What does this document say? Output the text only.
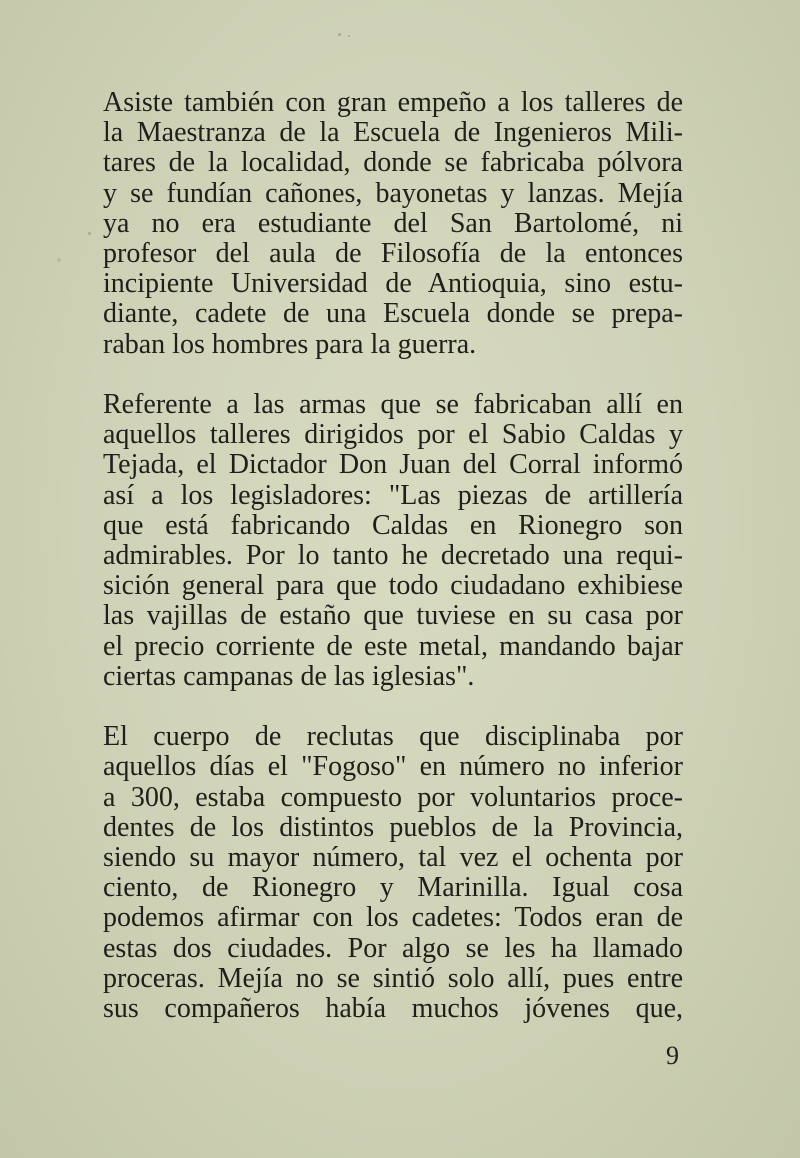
Asiste también con gran empeño a los talleres de
la Maestranza de la Escuela de Ingenieros Mili-
tares de la localidad, donde se fabricaba pólvora
y se fundían cañones, bayonetas y lanzas. Mejía
ya no era estudiante del San Bartolomé, ni
profesor del aula de Filosofía de la entonces
incipiente Universidad de Antioquia, sino estu-
diante, cadete de una Escuela donde se prepa-
raban los hombres para la guerra.
Referente a las armas que se fabricaban allí en
aquellos talleres dirigidos por el Sabio Caldas y
Tejada, el Dictador Don Juan del Corral informó
así a los legisladores: "Las piezas de artillería
que está fabricando Caldas en Rionegro son
admirables. Por lo tanto he decretado una requi-
sición general para que todo ciudadano exhibiese
las vajillas de estaño que tuviese en su casa por
el precio corriente de este metal, mandando bajar
ciertas campanas de las iglesias".
El cuerpo de reclutas que disciplinaba por
aquellos días el "Fogoso" en número no inferior
a 300, estaba compuesto por voluntarios proce-
dentes de los distintos pueblos de la Provincia,
siendo su mayor número, tal vez el ochenta por
ciento, de Rionegro y Marinilla. Igual cosa
podemos afirmar con los cadetes: Todos eran de
estas dos ciudades. Por algo se les ha llamado
proceras. Mejía no se sintió solo allí, pues entre
sus compañeros había muchos jóvenes que,
9
